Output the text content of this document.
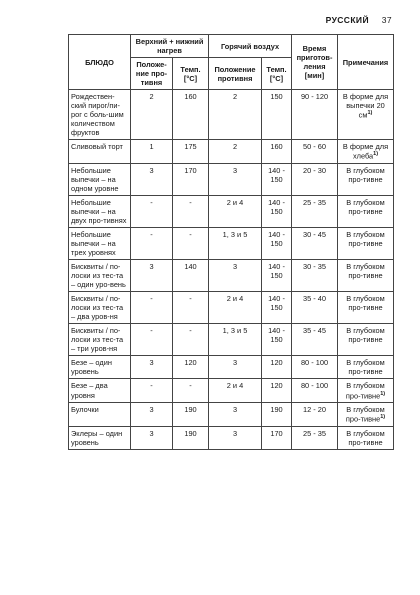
РУССКИЙ 37
БЛЮДО	Верхний + нижний нагрев		Горячий воздух		Время приготов-ления [мин]	Примечания
	Положе-ние про-тивня	Темп. [°C]	Положение противня	Темп. [°C]		
Рождествен-ский пирог/пи-рог с боль-шим количеством фруктов	2	160	2	150	90 - 120	В форме для выпечки 20 $см^{1)}$
Сливовый торт	1	175	2	160	50 - 60	В форме для хлеба$^{1)}$
Небольшие выпечки – на одном уровне	3	170	3	140 - 150	20 - 30	В глубоком про-тивне
Небольшие выпечки – на двух про-тивнях	-	-	2 и 4	140 - 150	25 - 35	В глубоком про-тивне
Небольшие выпечки – на трех уровнях	-	-	1, 3 и 5	140 - 150	30 - 45	В глубоком про-тивне
Бисквиты / по-лоски из тес-та – один уро-вень	3	140	3	140 - 150	30 - 35	В глубоком про-тивне
Бисквиты / по-лоски из тес-та – два уров-ня	-	-	2 и 4	140 - 150	35 - 40	В глубоком про-тивне
Бисквиты / по-лоски из тес-та – три уров-ня	-	-	1, 3 и 5	140 - 150	35 - 45	В глубоком про-тивне
Безе – один уровень	3	120	3	120	80 - 100	В глубоком про-тивне
Безе – два уровня	-	-	2 и 4	120	80 - 100	В глубоком про-тивне$^{1)}$
Булочки	3	190	3	190	12 - 20	В глубоком про-тивне$^{1)}$
Эклеры – один уровень	3	190	3	170	25 - 35	В глубоком про-тивне
